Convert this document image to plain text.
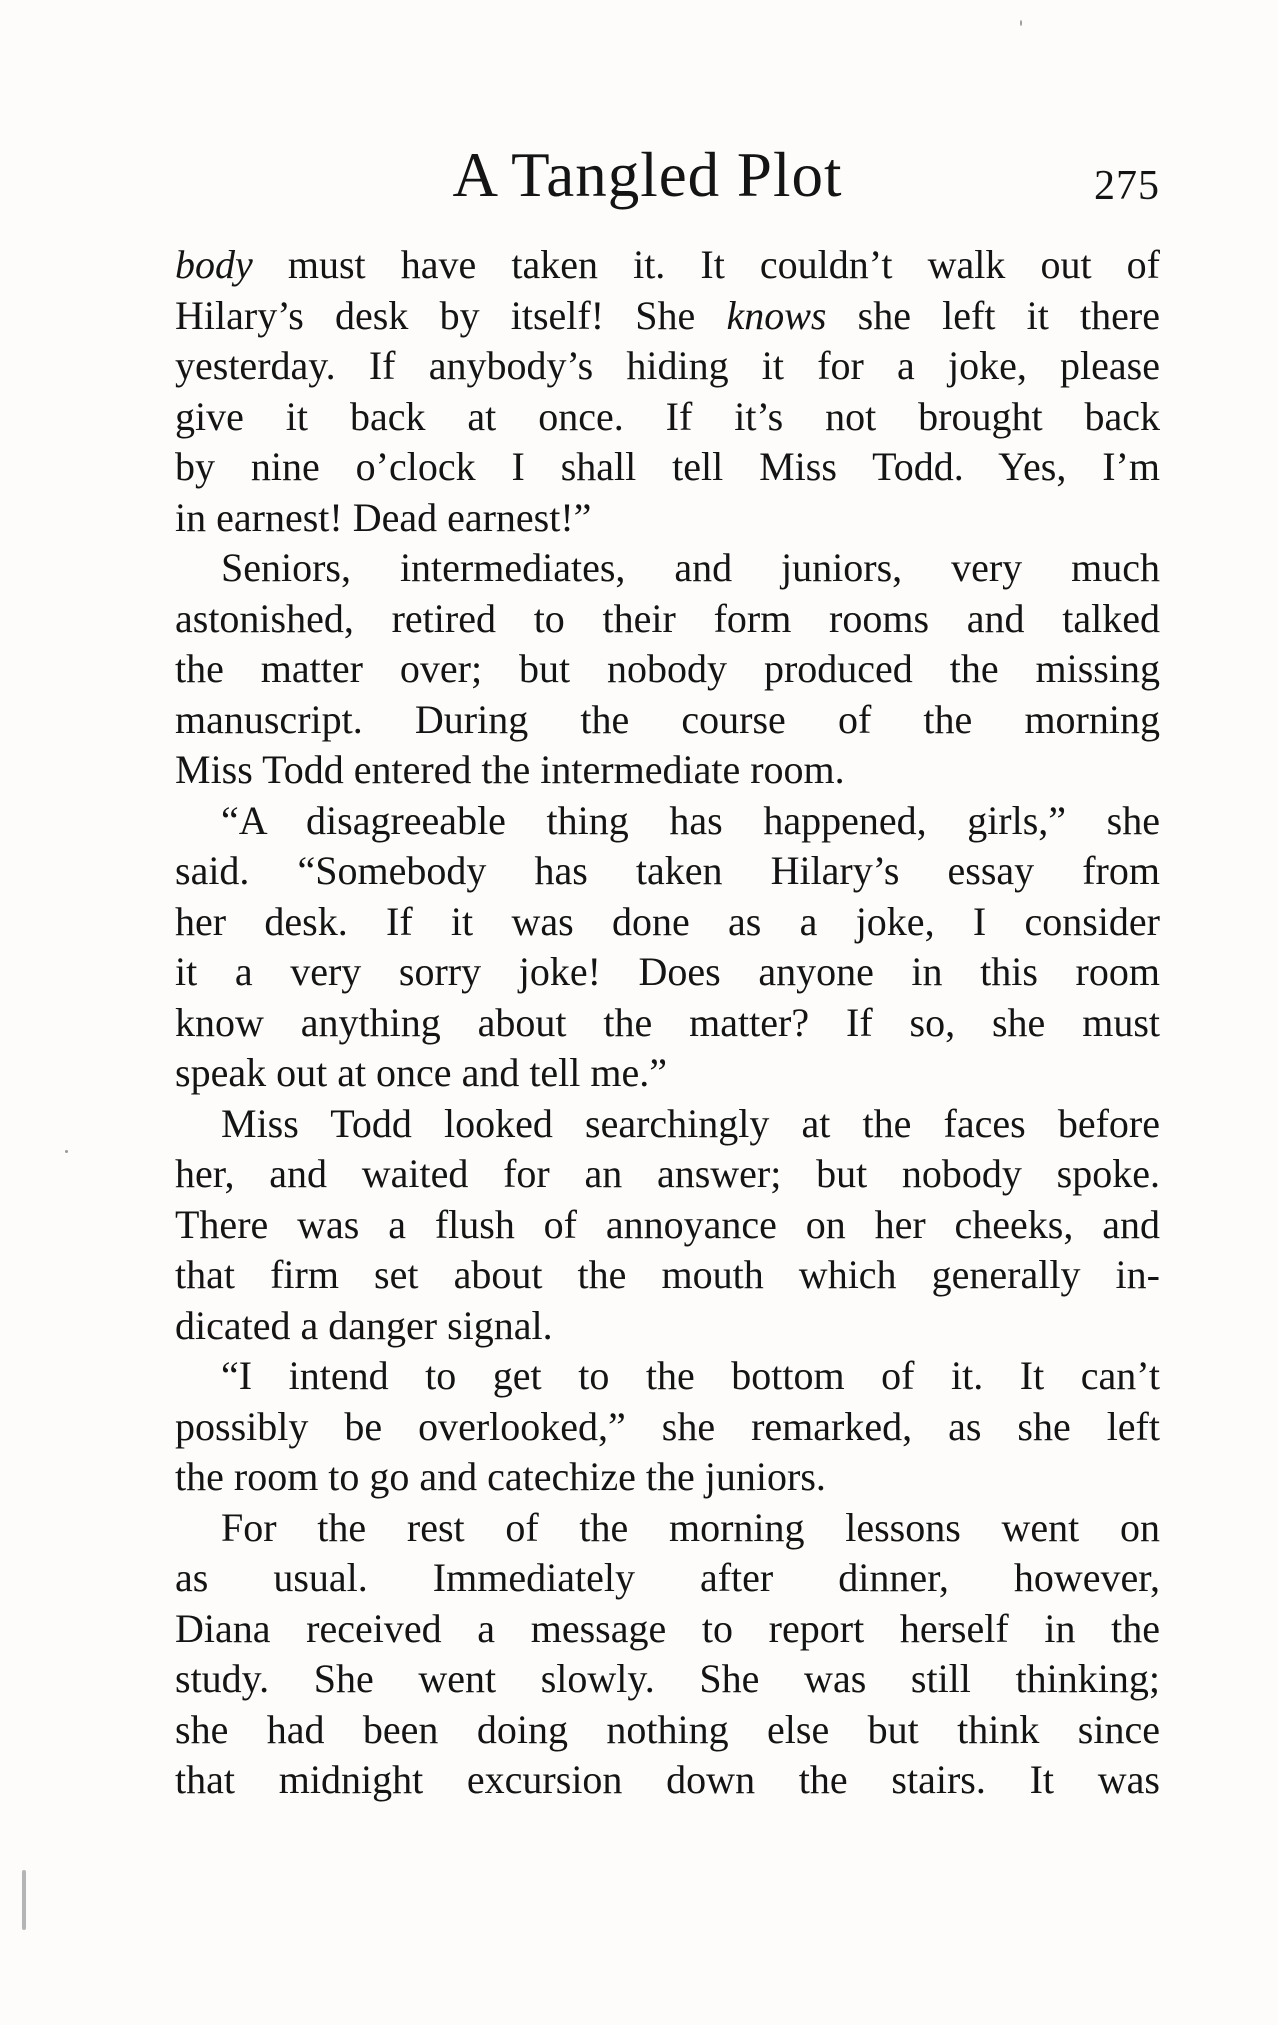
A Tangled Plot	275
body must have taken it. It couldn’t walk out of
Hilary’s desk by itself! She knows she left it there
yesterday. If anybody’s hiding it for a joke, please
give it back at once. If it’s not brought back
by nine o’clock I shall tell Miss Todd. Yes, I’m
in earnest! Dead earnest!”
Seniors, intermediates, and juniors, very much
astonished, retired to their form rooms and talked
the matter over; but nobody produced the missing
manuscript. During the course of the morning
Miss Todd entered the intermediate room.
“A disagreeable thing has happened, girls,” she
said. “Somebody has taken Hilary’s essay from
her desk. If it was done as a joke, I consider
it a very sorry joke! Does anyone in this room
know anything about the matter? If so, she must
speak out at once and tell me.”
Miss Todd looked searchingly at the faces before
her, and waited for an answer; but nobody spoke.
There was a flush of annoyance on her cheeks, and
that firm set about the mouth which generally in-
dicated a danger signal.
“I intend to get to the bottom of it. It can’t
possibly be overlooked,” she remarked, as she left
the room to go and catechize the juniors.
For the rest of the morning lessons went on
as usual. Immediately after dinner, however,
Diana received a message to report herself in the
study. She went slowly. She was still thinking;
she had been doing nothing else but think since
that midnight excursion down the stairs. It was
